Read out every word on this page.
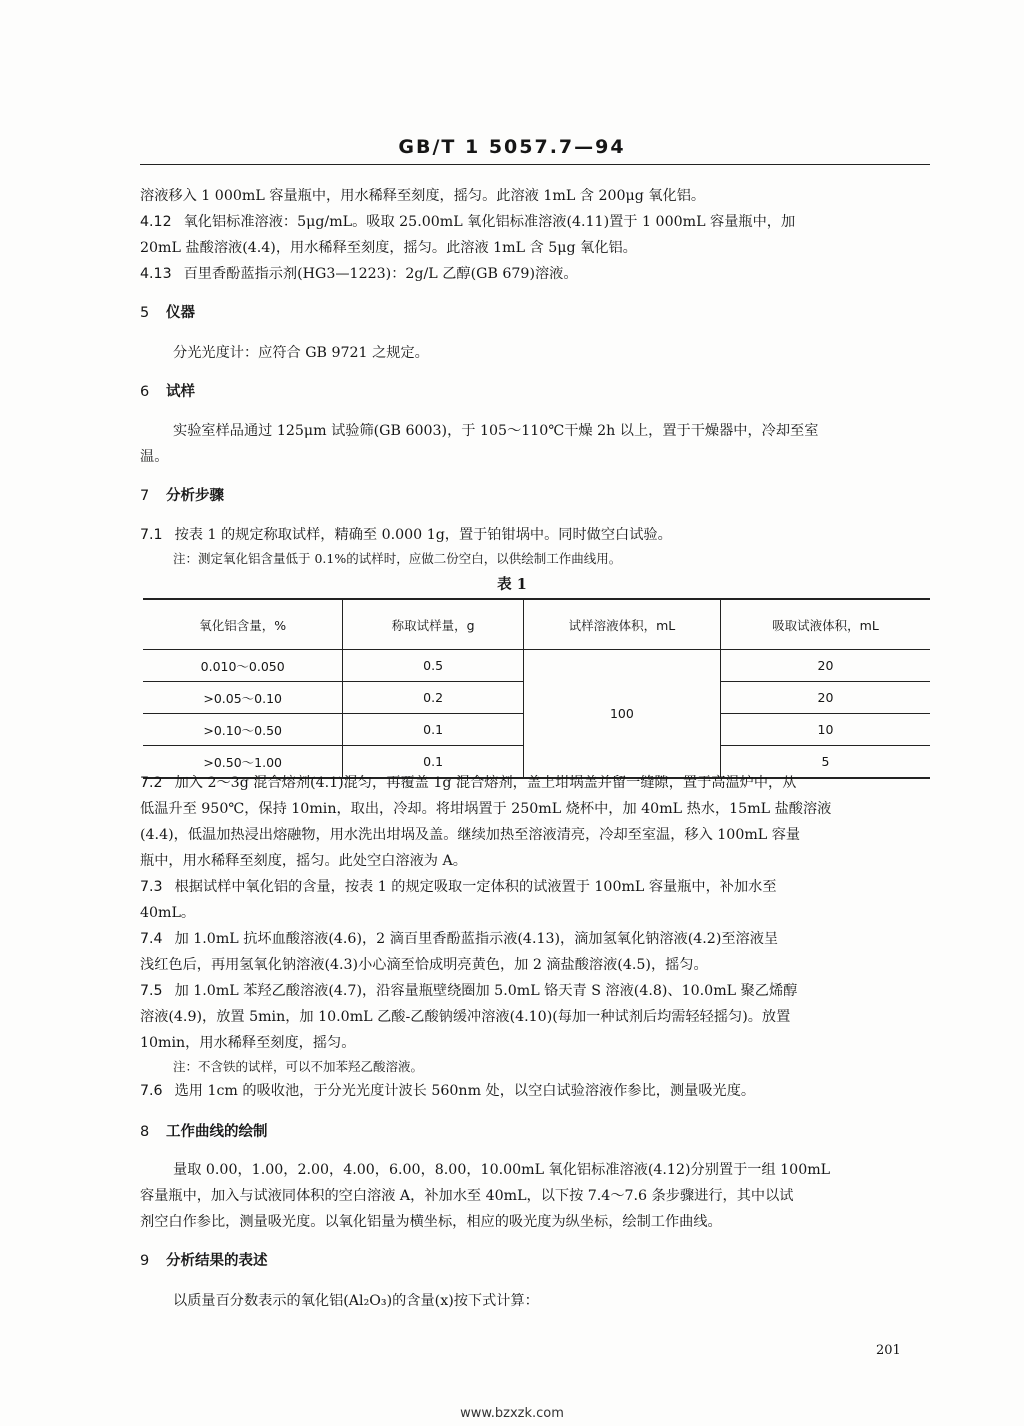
GB/T 1 5057.7—94
溶液移入 1 000mL 容量瓶中，用水稀释至刻度，摇匀。此溶液 1mL 含 200μg 氧化铝。
4.12 氧化铝标准溶液：5μg/mL。吸取 25.00mL 氧化铝标准溶液(4.11)置于 1 000mL 容量瓶中，加
20mL 盐酸溶液(4.4)，用水稀释至刻度，摇匀。此溶液 1mL 含 5μg 氧化铝。
4.13 百里香酚蓝指示剂(HG3—1223)：2g/L 乙醇(GB 679)溶液。
5 仪器
分光光度计：应符合 GB 9721 之规定。
6 试样
实验室样品通过 125μm 试验筛(GB 6003)，于 105～110℃干燥 2h 以上，置于干燥器中，冷却至室
温。
7 分析步骤
7.1 按表 1 的规定称取试样，精确至 0.000 1g，置于铂钳埚中。同时做空白试验。
注：测定氧化铝含量低于 0.1%的试样时，应做二份空白，以供绘制工作曲线用。
表 1
氧化铝含量，%	称取试样量，g	试样溶液体积，mL	吸取试液体积，mL
0.010～0.050	0.5	100	20
>0.05～0.10	0.2		20
>0.10～0.50	0.1		10
>0.50～1.00	0.1		5
7.2 加入 2～3g 混合熔剂(4.1)混匀，再覆盖 1g 混合熔剂，盖上坩埚盖并留一缝隙，置于高温炉中，从
低温升至 950℃，保持 10min，取出，冷却。将坩埚置于 250mL 烧杯中，加 40mL 热水，15mL 盐酸溶液
(4.4)，低温加热浸出熔融物，用水洗出坩埚及盖。继续加热至溶液清亮，冷却至室温，移入 100mL 容量
瓶中，用水稀释至刻度，摇匀。此处空白溶液为 A。
7.3 根据试样中氧化铝的含量，按表 1 的规定吸取一定体积的试液置于 100mL 容量瓶中，补加水至
40mL。
7.4 加 1.0mL 抗坏血酸溶液(4.6)，2 滴百里香酚蓝指示液(4.13)，滴加氢氧化钠溶液(4.2)至溶液呈
浅红色后，再用氢氧化钠溶液(4.3)小心滴至恰成明亮黄色，加 2 滴盐酸溶液(4.5)，摇匀。
7.5 加 1.0mL 苯羟乙酸溶液(4.7)，沿容量瓶壁绕圈加 5.0mL 铬天青 S 溶液(4.8)、10.0mL 聚乙烯醇
溶液(4.9)，放置 5min，加 10.0mL 乙酸-乙酸钠缓冲溶液(4.10)(每加一种试剂后均需轻轻摇匀)。放置
10min，用水稀释至刻度，摇匀。
注：不含铁的试样，可以不加苯羟乙酸溶液。
7.6 选用 1cm 的吸收池，于分光光度计波长 560nm 处，以空白试验溶液作参比，测量吸光度。
8 工作曲线的绘制
量取 0.00，1.00，2.00，4.00，6.00，8.00，10.00mL 氧化铝标准溶液(4.12)分别置于一组 100mL
容量瓶中，加入与试液同体积的空白溶液 A，补加水至 40mL，以下按 7.4～7.6 条步骤进行，其中以试
剂空白作参比，测量吸光度。以氧化铝量为横坐标，相应的吸光度为纵坐标，绘制工作曲线。
9 分析结果的表述
以质量百分数表示的氧化铝(Al₂O₃)的含量(x)按下式计算：
201
www.bzxzk.com
